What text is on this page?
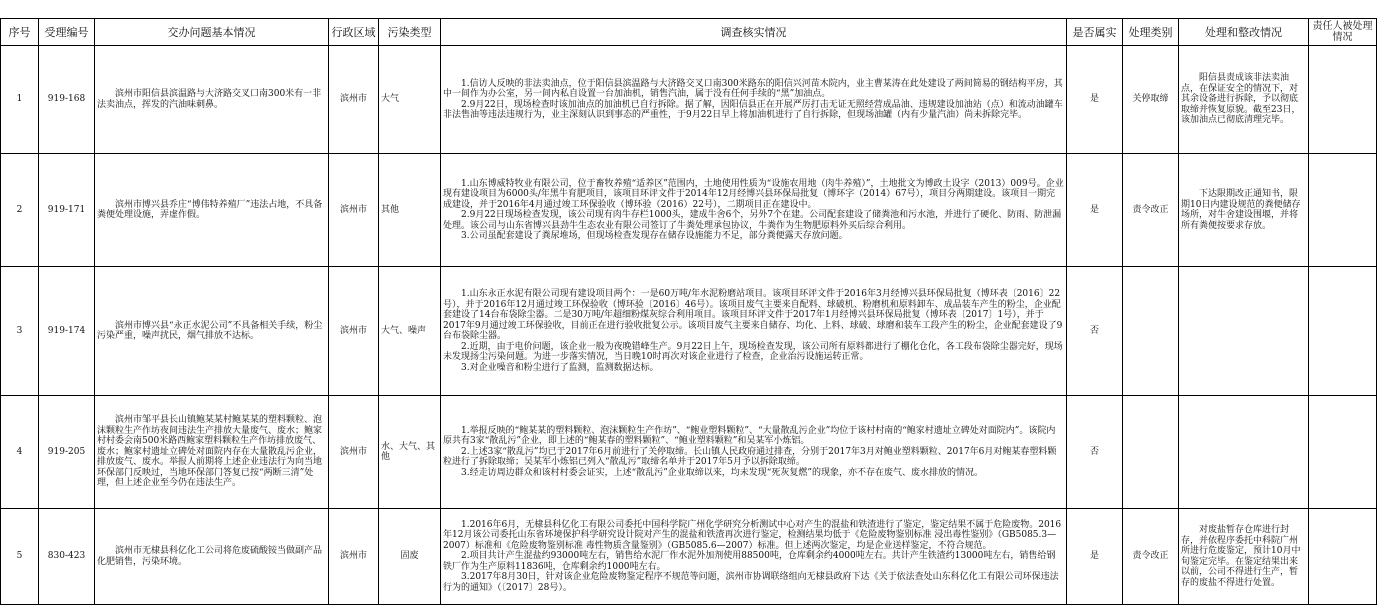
序号	受理编号	交办问题基本情况	行政区域	污染类型	调查核实情况	是否属实	处理类别	处理和整改情况	责任人被处理情况
1	919-168	滨州市阳信县滨温路与大济路交叉口南300米有一非法卖油点，挥发的汽油味刺鼻。	滨州市	大气	1.信访人反映的非法卖油点，位于阳信县滨温路与大济路交叉口南300米路东的阳信兴河苗木院内，业主曹某涛在此处建设了两间简易的钢结构平房，其中一间作为办公室，另一间内私自设置一台加油机，销售汽油，属于没有任何手续的“黑”加油点。

2.9月22日，现场检查时该加油点的加油机已自行拆除。据了解，因阳信县正在开展严厉打击无证无照经营成品油、违规建设加油站（点）和流动油罐车非法售油等违法违规行为，业主深刻认识到事态的严重性，于9月22日早上将加油机进行了自行拆除，但现场油罐（内有少量汽油）尚未拆除完毕。	是	关停取缔	阳信县责成该非法卖油点，在保证安全的情况下，对其余设备进行拆除，予以彻底取缔并恢复原貌。截至23日，该加油点已彻底清理完毕。	

2	919-171	滨州市博兴县乔庄“博伟特养殖厂”违法占地，不具备粪便处理设施，弄虚作假。	滨州市	其他	1.山东博威特牧业有限公司，位于畜牧养殖“适养区”范围内，土地使用性质为“设施农用地（肉牛养殖）”，土地批文为博政土设字（2013）009号。企业现有建设项目为6000头/年黑牛育肥项目，该项目环评文件于2014年12月经博兴县环保局批复（博环字（2014）67号），项目分两期建设。该项目一期完成建设，并于2016年4月通过竣工环保验收（博环验（2016）22号），二期项目正在建设中。

2.9月22日现场检查发现，该公司现有肉牛存栏1000头，建成牛舍6个，另外7个在建。公司配套建设了储粪池和污水池，并进行了硬化、防雨、防泄漏处理。该公司与山东省博兴县劲牛生态农业有限公司签订了牛粪处理承包协议，牛粪作为生物肥原料外买后综合利用。

3.公司虽配套建设了粪尿堆场，但现场检查发现存在储存设施能力不足，部分粪便露天存放问题。	是	责令改正	下达限期改正通知书，限期10日内建设规范的粪便储存场所，对牛舍建设围堰，并将所有粪便按要求存放。	

3	919-174	滨州市博兴县“永正水泥公司”不具备相关手续，粉尘污染严重，噪声扰民，烟气排放不达标。	滨州市	大气、噪声	1.山东永正水泥有限公司现有建设项目两个：一是60万吨/年水泥粉磨站项目。该项目环评文件于2016年3月经博兴县环保局批复（博环表〔2016〕22号），并于2016年12月通过竣工环保验收（博环验〔2016〕46号）。该项目废气主要来自配料、球破机、粉磨机和原料卸车、成品装车产生的粉尘，企业配套建设了14台布袋除尘器。二是30万吨/年超细粉煤灰综合利用项目。该项目环评文件于2017年1月经博兴县环保局批复（博环表〔2017〕1号），并于2017年9月通过竣工环保验收，目前正在进行验收批复公示。该项目废气主要来自储存、均化、上料、球破、球磨和装车工段产生的粉尘，企业配套建设了9台布袋除尘器。

2.近期，由于电价问题，该企业一般为夜晚错峰生产。9月22日上午，现场检查发现，该公司所有原料都进行了棚化仓化，各工段布袋除尘器完好，现场未发现扬尘污染问题。为进一步落实情况，当日晚10时再次对该企业进行了检查，企业治污设施运转正常。

3.对企业噪音和粉尘进行了监测，监测数据达标。	否		

4	919-205	滨州市邹平县长山镇鲍某某村鲍某某的塑料颗粒、泡沫颗粒生产作坊夜间违法生产排放大量废气、废水；鲍家村村委会南500米路西鲍家塑料颗粒生产作坊排放废气、废水；鲍家村遗址立碑处对面院内存在大量散乱污企业，排放废气、废水。举报人前期将上述企业违法行为向当地环保部门反映过，当地环保部门答复已按“两断三清”处理，但上述企业至今仍在违法生产。	滨州市	水、大气、其他	1.举报反映的“鲍某某的塑料颗粒、泡沫颗粒生产作坊”、“鲍业塑料颗粒”、“大量散乱污企业”均位于该村村南的“鲍家村遗址立碑处对面院内”。该院内原共有3家“散乱污”企业，即上述的“鲍某春的塑料颗粒”、“鲍业塑料颗粒”和吴某军小炼铝。

2.上述3家“散乱污”均已于2017年6月前进行了关停取缔。长山镇人民政府通过排查，分别于2017年3月对鲍业塑料颗粒、2017年6月对鲍某春塑料颗粒进行了拆除取缔；吴某军小炼铝已列入“散乱污”取缔名单并于2017年5月予以拆除取缔。

3.经走访周边群众和该村村委会证实，上述“散乱污”企业取缔以来，均未发现“死灰复燃”的现象，亦不存在废气、废水排放的情况。	否		

5	830-423	滨州市无棣县科亿化工公司将危废硫酸铵当做副产品化肥销售，污染环境。	滨州市	固废	1.2016年6月，无棣县科亿化工有限公司委托中国科学院广州化学研究分析测试中心对产生的混盐和铁渣进行了鉴定，鉴定结果不属于危险废物。2016年12月该公司委托山东省环境保护科学研究设计院对产生的混盐和铁渣再次进行鉴定，检测结果均低于《危险废物鉴别标准 浸出毒性鉴别》（GB5085.3—2007）标准和《危险废物鉴别标准 毒性物质含量鉴别》（GB5085.6—2007）标准。但上述两次鉴定，均是企业送样鉴定，不符合规范。

2.项目共计产生混盐约93000吨左右，销售给水泥厂作水泥外加剂使用88500吨，仓库剩余约4000吨左右。共计产生铁渣约13000吨左右，销售给钢铁厂作为生产原料11836吨，仓库剩余约1000吨左右。

3.2017年8月30日，针对该企业危险废物鉴定程序不规范等问题，滨州市协调联络组向无棣县政府下达《关于依法查处山东科亿化工有限公司环保违法行为的通知》（〔2017〕28号）。	是	责令改正	对废盐暂存仓库进行封存，并依程序委托中科院广州所进行危废鉴定，预计10月中旬鉴定完毕。在鉴定结果出来以前，公司不得进行生产，暂存的废盐不得进行处置。	
